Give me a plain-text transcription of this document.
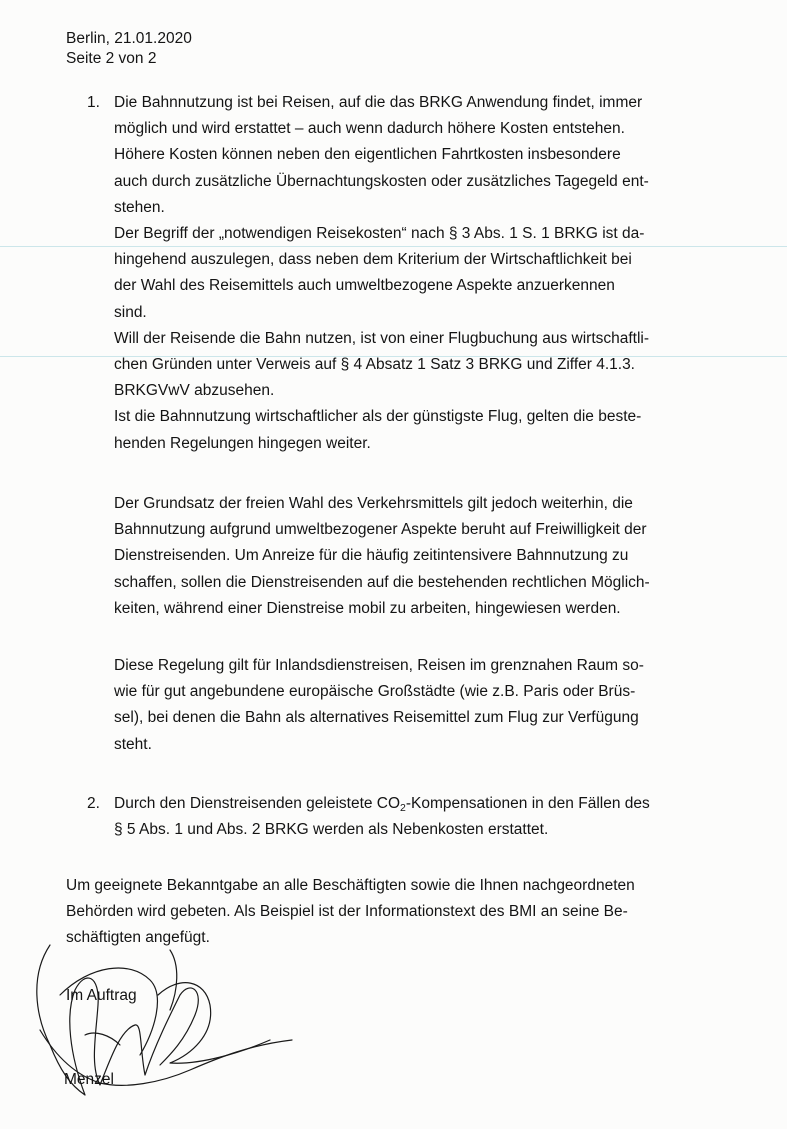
Berlin, 21.01.2020
Seite 2 von 2
1. Die Bahnnutzung ist bei Reisen, auf die das BRKG Anwendung findet, immer
möglich und wird erstattet – auch wenn dadurch höhere Kosten entstehen.
Höhere Kosten können neben den eigentlichen Fahrtkosten insbesondere
auch durch zusätzliche Übernachtungskosten oder zusätzliches Tagegeld ent-
stehen.
Der Begriff der „notwendigen Reisekosten“ nach § 3 Abs. 1 S. 1 BRKG ist da-
hingehend auszulegen, dass neben dem Kriterium der Wirtschaftlichkeit bei
der Wahl des Reisemittels auch umweltbezogene Aspekte anzuerkennen
sind.
Will der Reisende die Bahn nutzen, ist von einer Flugbuchung aus wirtschaftli-
chen Gründen unter Verweis auf § 4 Absatz 1 Satz 3 BRKG und Ziffer 4.1.3.
BRKGVwV abzusehen.
Ist die Bahnnutzung wirtschaftlicher als der günstigste Flug, gelten die beste-
henden Regelungen hingegen weiter.
Der Grundsatz der freien Wahl des Verkehrsmittels gilt jedoch weiterhin, die
Bahnnutzung aufgrund umweltbezogener Aspekte beruht auf Freiwilligkeit der
Dienstreisenden. Um Anreize für die häufig zeitintensivere Bahnnutzung zu
schaffen, sollen die Dienstreisenden auf die bestehenden rechtlichen Möglich-
keiten, während einer Dienstreise mobil zu arbeiten, hingewiesen werden.
Diese Regelung gilt für Inlandsdienstreisen, Reisen im grenznahen Raum so-
wie für gut angebundene europäische Großstädte (wie z.B. Paris oder Brüs-
sel), bei denen die Bahn als alternatives Reisemittel zum Flug zur Verfügung
steht.
2. Durch den Dienstreisenden geleistete $CO_2$-Kompensationen in den Fällen des
§ 5 Abs. 1 und Abs. 2 BRKG werden als Nebenkosten erstattet.
Um geeignete Bekanntgabe an alle Beschäftigten sowie die Ihnen nachgeordneten
Behörden wird gebeten. Als Beispiel ist der Informationstext des BMI an seine Be-
schäftigten angefügt.
Im Auftrag
Menzel
